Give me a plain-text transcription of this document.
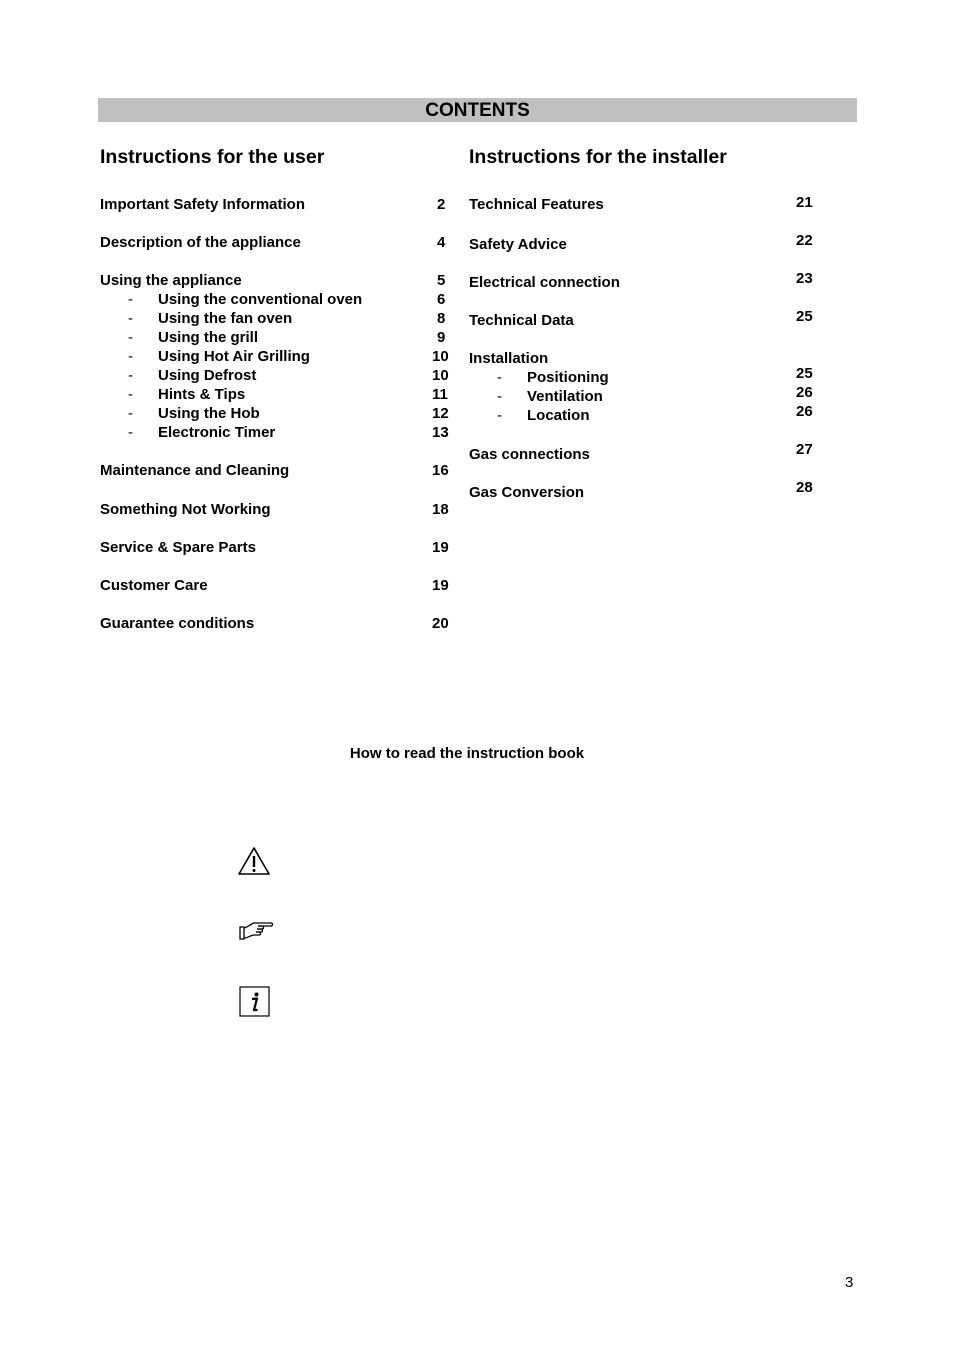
CONTENTS
Instructions for the user	Instructions for the installer
Important Safety Information	2
Description of the appliance	4
Using the appliance	5
- Using the conventional oven	6
- Using the fan oven	8
- Using the grill	9
- Using Hot Air Grilling	10
- Using Defrost	10
- Hints & Tips	11
- Using the Hob	12
- Electronic Timer	13
Maintenance and Cleaning	16
Something Not Working	18
Service & Spare Parts	19
Customer Care	19
Guarantee conditions	20
Technical Features	21
Safety Advice	22
Electrical connection	23
Technical Data	25
Installation
- Positioning	25
- Ventilation	26
- Location	26
Gas connections	27
Gas Conversion	28
How to read the instruction book
3
